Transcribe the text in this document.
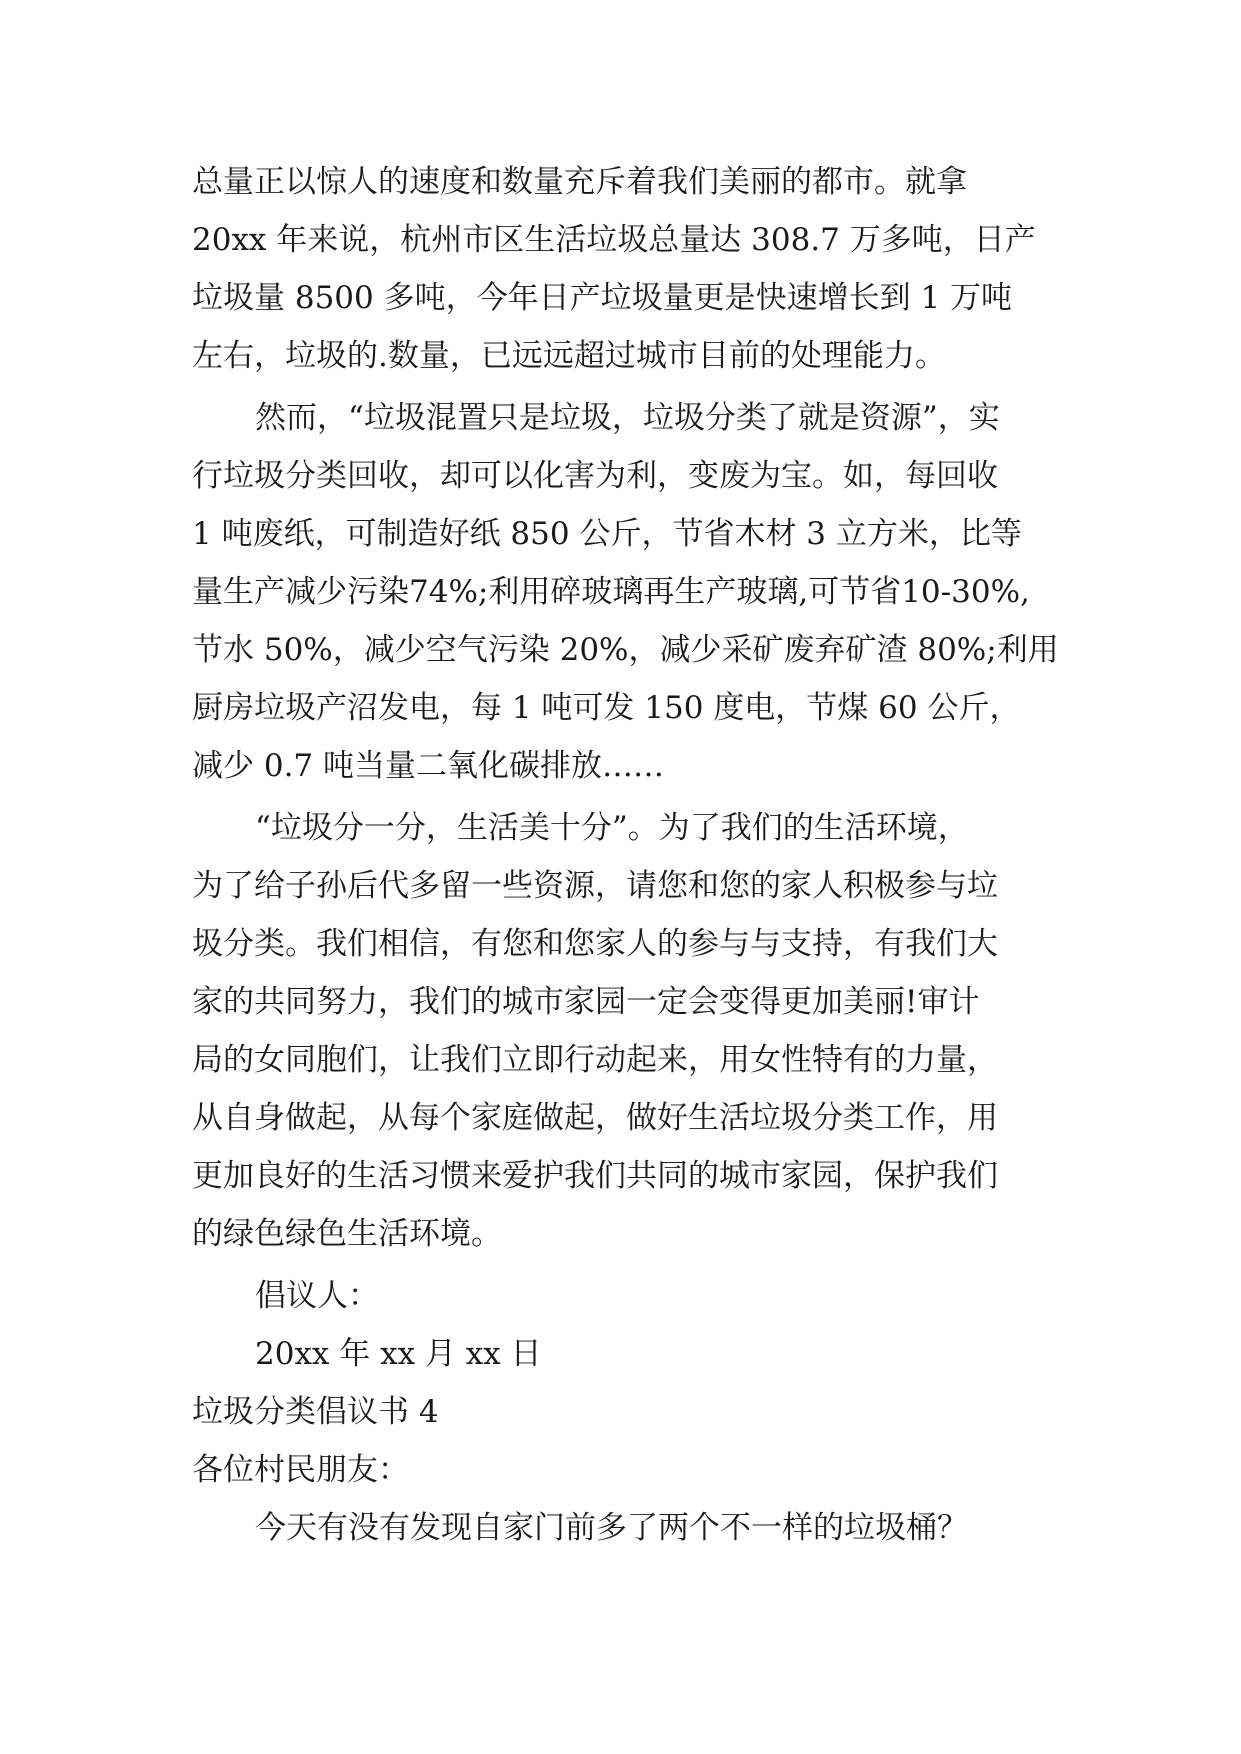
总量正以惊人的速度和数量充斥着我们美丽的都市。就拿
20xx 年来说，杭州市区生活垃圾总量达 308.7 万多吨，日产
垃圾量 8500 多吨，今年日产垃圾量更是快速增长到 1 万吨
左右，垃圾的.数量，已远远超过城市目前的处理能力。
然而，“垃圾混置只是垃圾，垃圾分类了就是资源”，实
行垃圾分类回收，却可以化害为利，变废为宝。如，每回收
1 吨废纸，可制造好纸 850 公斤，节省木材 3 立方米，比等
量生产减少污染74%;利用碎玻璃再生产玻璃,可节省10-30%,
节水 50%，减少空气污染 20%，减少采矿废弃矿渣 80%;利用
厨房垃圾产沼发电，每 1 吨可发 150 度电，节煤 60 公斤，
减少 0.7 吨当量二氧化碳排放……
“垃圾分一分，生活美十分”。为了我们的生活环境，
为了给子孙后代多留一些资源，请您和您的家人积极参与垃
圾分类。我们相信，有您和您家人的参与与支持，有我们大
家的共同努力，我们的城市家园一定会变得更加美丽!审计
局的女同胞们，让我们立即行动起来，用女性特有的力量，
从自身做起，从每个家庭做起，做好生活垃圾分类工作，用
更加良好的生活习惯来爱护我们共同的城市家园，保护我们
的绿色绿色生活环境。
倡议人：
20xx 年 xx 月 xx 日
垃圾分类倡议书 4
各位村民朋友：
今天有没有发现自家门前多了两个不一样的垃圾桶？
